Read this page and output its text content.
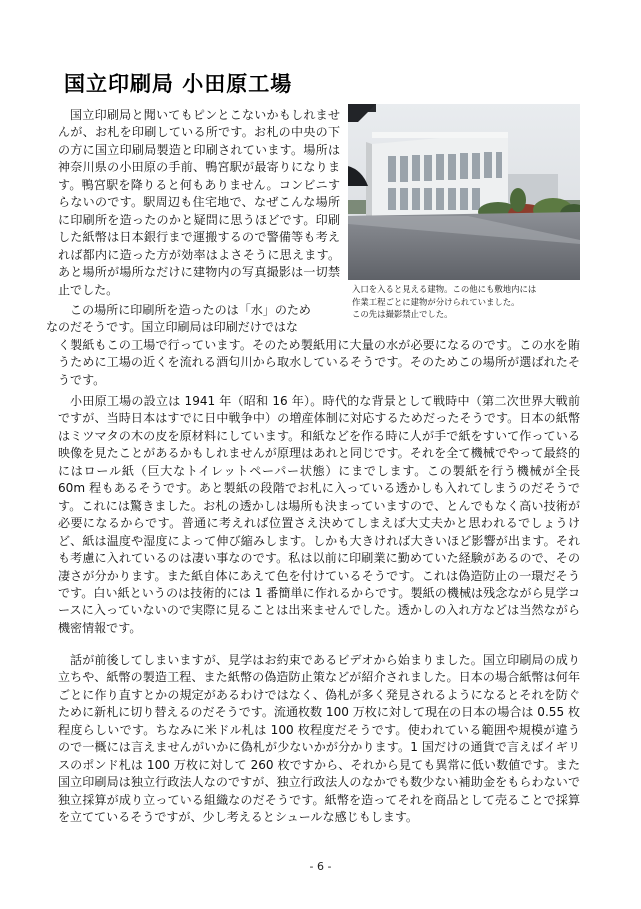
国立印刷局 小田原工場

国立印刷局と聞いてもピンとこないかもしれませんが、お札を印刷している所です。お札の中央の下の方に国立印刷局製造と印刷されています。場所は神奈川県の小田原の手前、鴨宮駅が最寄りになります。鴨宮駅を降りると何もありません。コンビニすらないのです。駅周辺も住宅地で、なぜこんな場所に印刷所を造ったのかと疑問に思うほどです。印刷した紙幣は日本銀行まで運搬するので警備等も考えれば都内に造った方が効率はよさそうに思えます。あと場所が場所なだけに建物内の写真撮影は一切禁止でした。

この場所に印刷所を造ったのは「水」のため
なのだそうです。国立印刷局は印刷だけではな

く製紙もこの工場で行っています。そのため製紙用に大量の水が必要になるのです。この水を賄うために工場の近くを流れる酒匂川から取水しているそうです。そのためこの場所が選ばれたそうです。

小田原工場の設立は 1941 年（昭和 16 年）。時代的な背景として戦時中（第二次世界大戦前ですが、当時日本はすでに日中戦争中）の増産体制に対応するためだったそうです。日本の紙幣はミツマタの木の皮を原材料にしています。和紙などを作る時に人が手で紙をすいて作っている映像を見たことがあるかもしれませんが原理はあれと同じです。それを全て機械でやって最終的にはロール紙（巨大なトイレットペーパー状態）にまでします。この製紙を行う機械が全長 60m 程もあるそうです。あと製紙の段階でお札に入っている透かしも入れてしまうのだそうです。これには驚きました。お札の透かしは場所も決まっていますので、とんでもなく高い技術が必要になるからです。普通に考えれば位置さえ決めてしまえば大丈夫かと思われるでしょうけど、紙は温度や湿度によって伸び縮みします。しかも大きければ大きいほど影響が出ます。それも考慮に入れているのは凄い事なのです。私は以前に印刷業に勤めていた経験があるので、その凄さが分かります。また紙自体にあえて色を付けているそうです。これは偽造防止の一環だそうです。白い紙というのは技術的には 1 番簡単に作れるからです。製紙の機械は残念ながら見学コースに入っていないので実際に見ることは出来ませんでした。透かしの入れ方などは当然ながら機密情報です。

話が前後してしまいますが、見学はお約束であるビデオから始まりました。国立印刷局の成り立ちや、紙幣の製造工程、また紙幣の偽造防止策などが紹介されました。日本の場合紙幣は何年ごとに作り直すとかの規定があるわけではなく、偽札が多く発見されるようになるとそれを防ぐために新札に切り替えるのだそうです。流通枚数 100 万枚に対して現在の日本の場合は 0.55 枚程度らしいです。ちなみに米ドル札は 100 枚程度だそうです。使われている範囲や規模が違うので一概には言えませんがいかに偽札が少ないかが分かります。1 国だけの通貨で言えばイギリスのポンド札は 100 万枚に対して 260 枚ですから、それから見ても異常に低い数値です。また国立印刷局は独立行政法人なのですが、独立行政法人のなかでも数少ない補助金をもらわないで独立採算が成り立っている組織なのだそうです。紙幣を造ってそれを商品として売ることで採算を立てているそうですが、少し考えるとシュールな感じもします。

入口を入ると見える建物。この他にも敷地内には
作業工程ごとに建物が分けられていました。
この先は撮影禁止でした。
- 6 -
